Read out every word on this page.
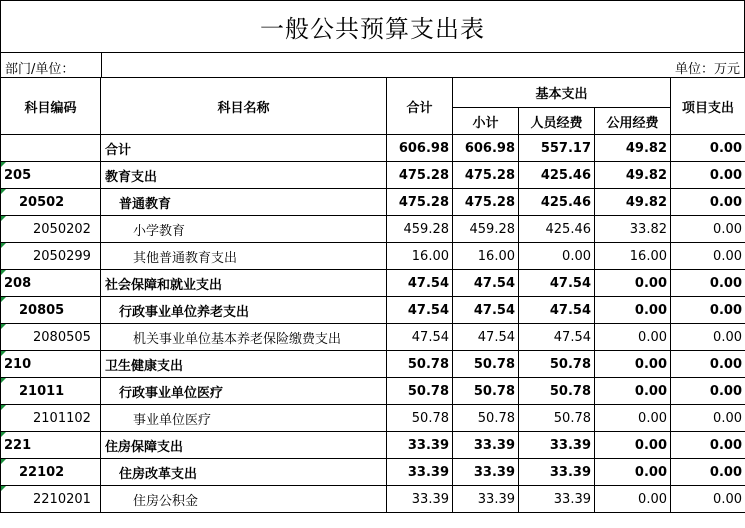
一般公共预算支出表
部门/单位：	单位：万元
科目编码	科目名称	合计	基本支出			项目支出
			小计	人员经费	公用经费	
	合计	606.98	606.98	557.17	49.82	0.00
205	教育支出	475.28	475.28	425.46	49.82	0.00
20502	普通教育	475.28	475.28	425.46	49.82	0.00
2050202	小学教育	459.28	459.28	425.46	33.82	0.00
2050299	其他普通教育支出	16.00	16.00	0.00	16.00	0.00
208	社会保障和就业支出	47.54	47.54	47.54	0.00	0.00
20805	行政事业单位养老支出	47.54	47.54	47.54	0.00	0.00
2080505	机关事业单位基本养老保险缴费支出	47.54	47.54	47.54	0.00	0.00
210	卫生健康支出	50.78	50.78	50.78	0.00	0.00
21011	行政事业单位医疗	50.78	50.78	50.78	0.00	0.00
2101102	事业单位医疗	50.78	50.78	50.78	0.00	0.00
221	住房保障支出	33.39	33.39	33.39	0.00	0.00
22102	住房改革支出	33.39	33.39	33.39	0.00	0.00
2210201	住房公积金	33.39	33.39	33.39	0.00	0.00
